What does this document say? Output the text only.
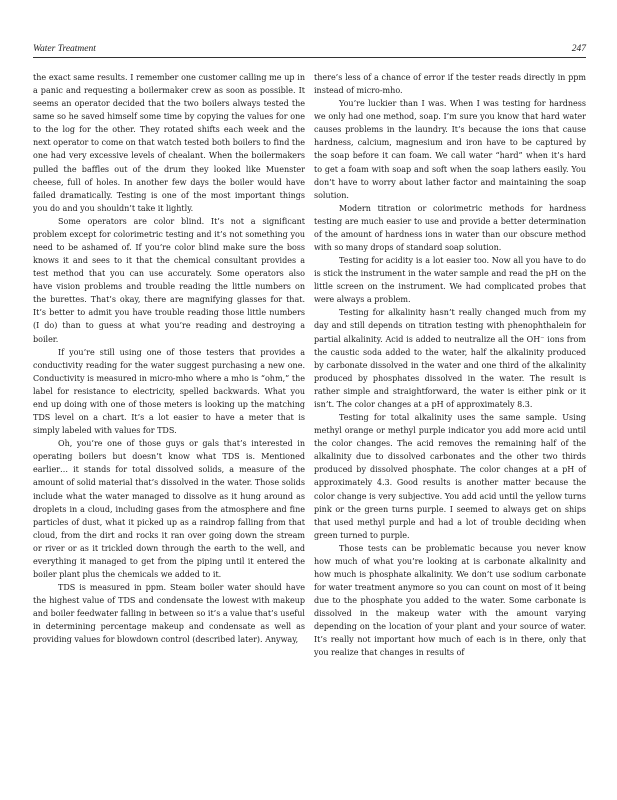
Water Treatment	247

the exact same results. I remember one customer calling me up in a panic and requesting a boilermaker crew as soon as possible. It seems an operator decided that the two boilers always tested the same so he saved himself some time by copying the values for one to the log for the other. They rotated shifts each week and the next operator to come on that watch tested both boilers to find the one had very excessive levels of chealant. When the boilermakers pulled the baffles out of the drum they looked like Muenster cheese, full of holes. In another few days the boiler would have failed dramatically. Testing is one of the most important things you do and you shouldn’t take it lightly.

Some operators are color blind. It’s not a significant problem except for colorimetric testing and it’s not something you need to be ashamed of. If you’re color blind make sure the boss knows it and sees to it that the chemical consultant provides a test method that you can use accurately. Some operators also have vision problems and trouble reading the little numbers on the burettes. That’s okay, there are magnifying glasses for that. It’s better to admit you have trouble reading those little numbers (I do) than to guess at what you’re reading and destroying a boiler.

If you’re still using one of those testers that provides a conductivity reading for the water suggest purchasing a new one. Conductivity is measured in micro-mho where a mho is “ohm,” the label for resistance to electricity, spelled backwards. What you end up doing with one of those meters is looking up the matching TDS level on a chart. It’s a lot easier to have a meter that is simply labeled with values for TDS.

Oh, you’re one of those guys or gals that’s interested in operating boilers but doesn’t know what TDS is. Mentioned earlier… it stands for total dissolved solids, a measure of the amount of solid material that’s dissolved in the water. Those solids include what the water managed to dissolve as it hung around as droplets in a cloud, including gases from the atmosphere and fine particles of dust, what it picked up as a raindrop falling from that cloud, from the dirt and rocks it ran over going down the stream or river or as it trickled down through the earth to the well, and everything it managed to get from the piping until it entered the boiler plant plus the chemicals we added to it.

TDS is measured in ppm. Steam boiler water should have the highest value of TDS and condensate the lowest with makeup and boiler feedwater falling in between so it’s a value that’s useful in determining percentage makeup and condensate as well as providing values for blowdown control (described later). Anyway,

there’s less of a chance of error if the tester reads directly in ppm instead of micro-mho.

You’re luckier than I was. When I was testing for hardness we only had one method, soap. I’m sure you know that hard water causes problems in the laundry. It’s because the ions that cause hardness, calcium, magnesium and iron have to be captured by the soap before it can foam. We call water “hard” when it’s hard to get a foam with soap and soft when the soap lathers easily. You don’t have to worry about lather factor and maintaining the soap solution.

Modern titration or colorimetric methods for hardness testing are much easier to use and provide a better determination of the amount of hardness ions in water than our obscure method with so many drops of standard soap solution.

Testing for acidity is a lot easier too. Now all you have to do is stick the instrument in the water sample and read the pH on the little screen on the instrument. We had complicated probes that were always a problem.

Testing for alkalinity hasn’t really changed much from my day and still depends on titration testing with phenophthalein for partial alkalinity. Acid is added to neutralize all the OH⁻ ions from the caustic soda added to the water, half the alkalinity produced by carbonate dissolved in the water and one third of the alkalinity produced by phosphates dissolved in the water. The result is rather simple and straightforward, the water is either pink or it isn’t. The color changes at a pH of approximately 8.3.

Testing for total alkalinity uses the same sample. Using methyl orange or methyl purple indicator you add more acid until the color changes. The acid removes the remaining half of the alkalinity due to dissolved carbonates and the other two thirds produced by dissolved phosphate. The color changes at a pH of approximately 4.3. Good results is another matter because the color change is very subjective. You add acid until the yellow turns pink or the green turns purple. I seemed to always get on ships that used methyl purple and had a lot of trouble deciding when green turned to purple.

Those tests can be problematic because you never know how much of what you’re looking at is carbonate alkalinity and how much is phosphate alkalinity. We don’t use sodium carbonate for water treatment anymore so you can count on most of it being due to the phosphate you added to the water. Some carbonate is dissolved in the makeup water with the amount varying depending on the location of your plant and your source of water. It’s really not important how much of each is in there, only that you realize that changes in results of
